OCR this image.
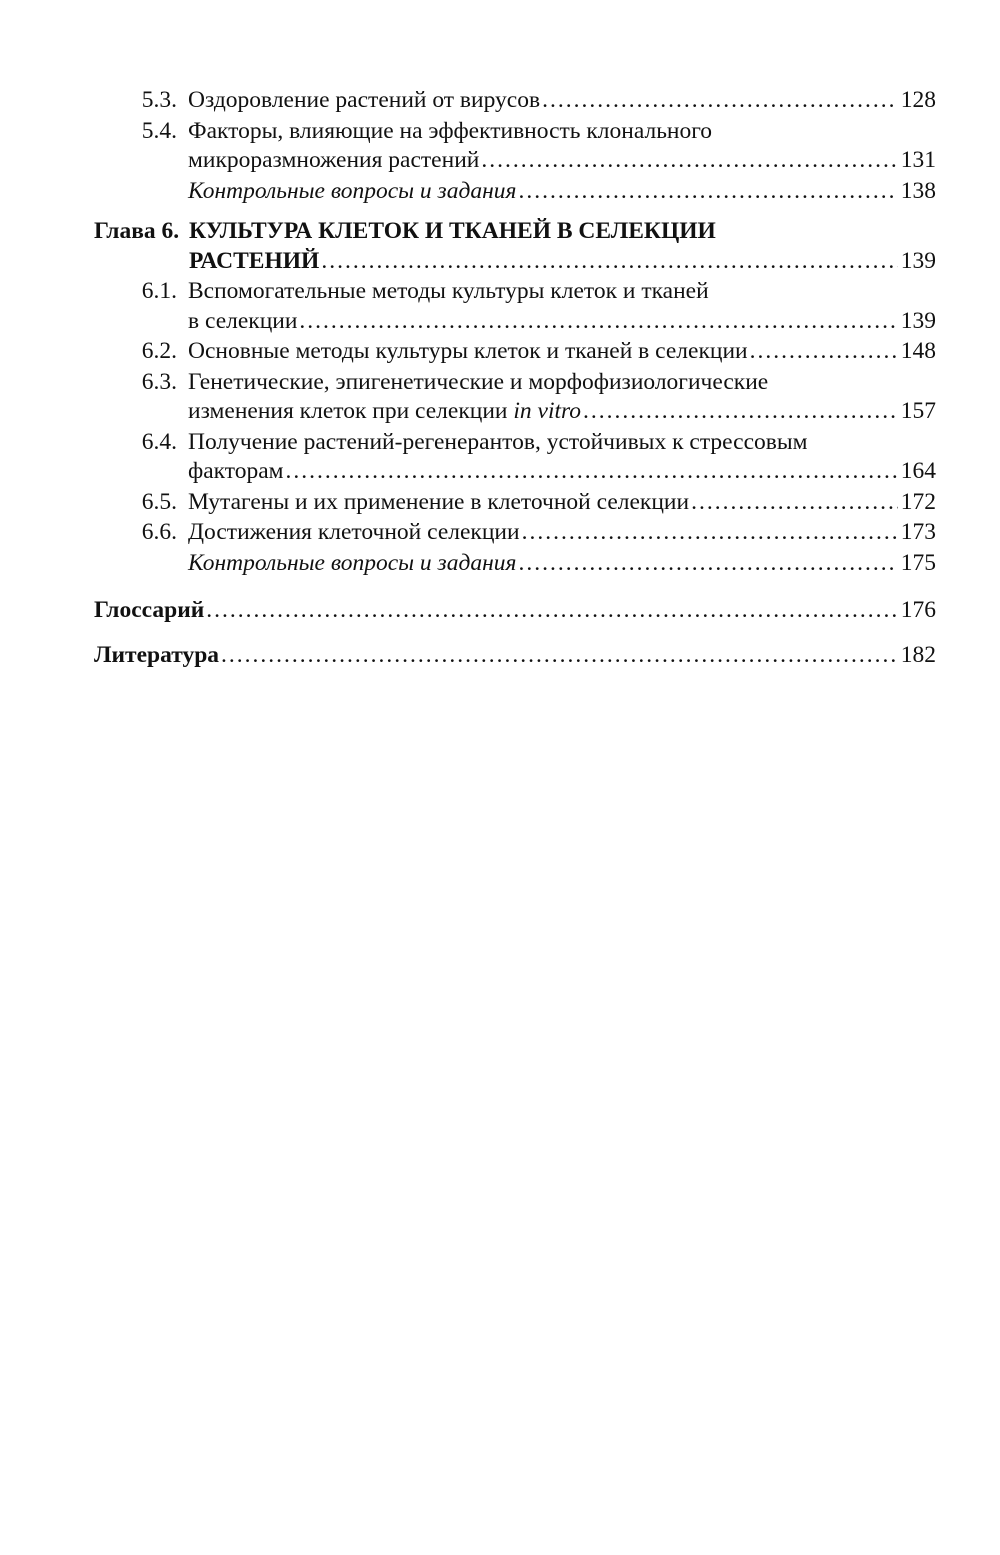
5.3. Оздоровление растений от вирусов .....	128
5.4. Факторы, влияющие на эффективность клонального
микроразмножения растений .....	131
Контрольные вопросы и задания .....	138
Глава 6. КУЛЬТУРА КЛЕТОК И ТКАНЕЙ В СЕЛЕКЦИИ
РАСТЕНИЙ .....	139
6.1. Вспомогательные методы культуры клеток и тканей
в селекции .....	139
6.2. Основные методы культуры клеток и тканей в селекции .....	148
6.3. Генетические, эпигенетические и морфофизиологические
изменения клеток при селекции in vitro .....	157
6.4. Получение растений-регенерантов, устойчивых к стрессовым
факторам .....	164
6.5. Мутагены и их применение в клеточной селекции .....	172
6.6. Достижения клеточной селекции .....	173
Контрольные вопросы и задания .....	175
Глоссарий .....	176
Литература .....	182
